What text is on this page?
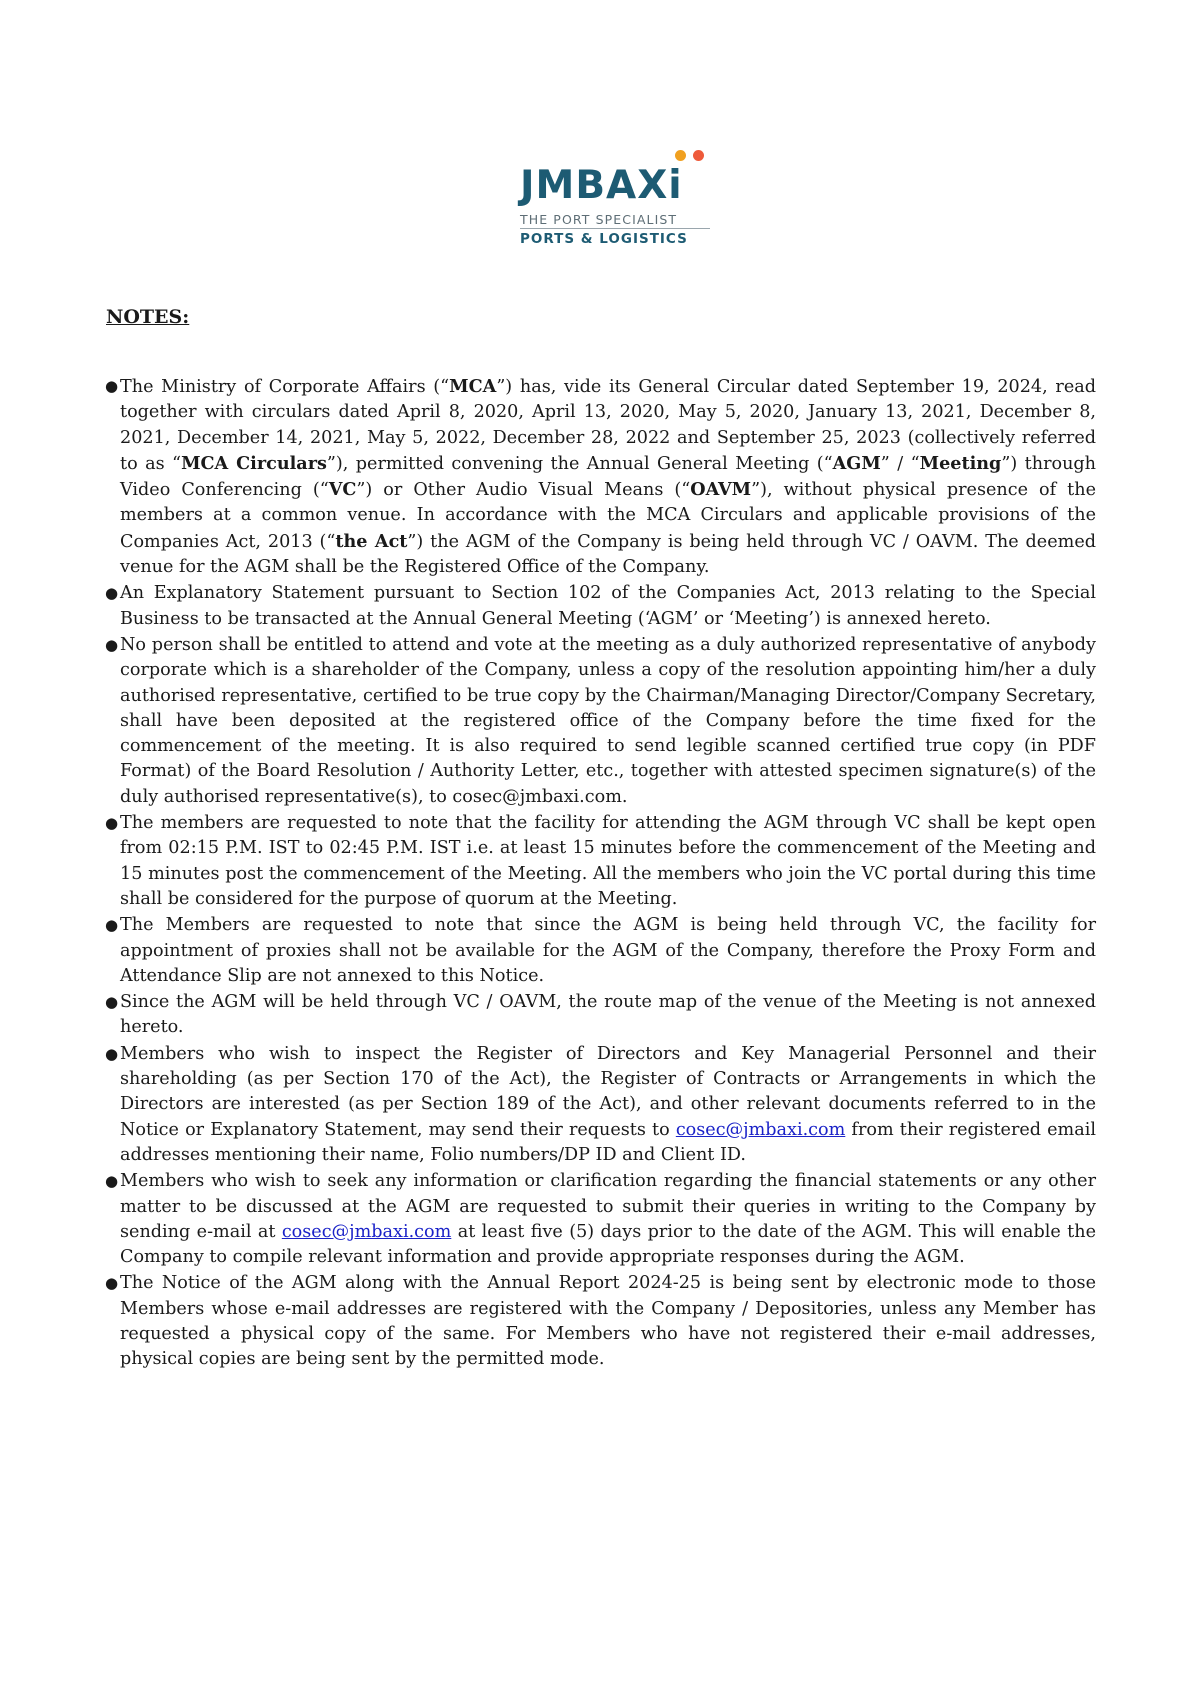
JMBAXi
THE PORT SPECIALIST
PORTS & LOGISTICS
NOTES:
● The Ministry of Corporate Affairs (“MCA”) has, vide its General Circular dated September 19, 2024, read together with circulars dated April 8, 2020, April 13, 2020, May 5, 2020, January 13, 2021, December 8, 2021, December 14, 2021, May 5, 2022, December 28, 2022 and September 25, 2023 (collectively referred to as “MCA Circulars”), permitted convening the Annual General Meeting (“AGM” / “Meeting”) through Video Conferencing (“VC”) or Other Audio Visual Means (“OAVM”), without physical presence of the members at a common venue. In accordance with the MCA Circulars and applicable provisions of the Companies Act, 2013 (“the Act”) the AGM of the Company is being held through VC / OAVM. The deemed venue for the AGM shall be the Registered Office of the Company.
● An Explanatory Statement pursuant to Section 102 of the Companies Act, 2013 relating to the Special Business to be transacted at the Annual General Meeting (‘AGM’ or ‘Meeting’) is annexed hereto.
● No person shall be entitled to attend and vote at the meeting as a duly authorized representative of anybody corporate which is a shareholder of the Company, unless a copy of the resolution appointing him/her a duly authorised representative, certified to be true copy by the Chairman/Managing Director/Company Secretary, shall have been deposited at the registered office of the Company before the time fixed for the commencement of the meeting. It is also required to send legible scanned certified true copy (in PDF Format) of the Board Resolution / Authority Letter, etc., together with attested specimen signature(s) of the duly authorised representative(s), to cosec@jmbaxi.com.
● The members are requested to note that the facility for attending the AGM through VC shall be kept open from 02:15 P.M. IST to 02:45 P.M. IST i.e. at least 15 minutes before the commencement of the Meeting and 15 minutes post the commencement of the Meeting. All the members who join the VC portal during this time shall be considered for the purpose of quorum at the Meeting.
● The Members are requested to note that since the AGM is being held through VC, the facility for appointment of proxies shall not be available for the AGM of the Company, therefore the Proxy Form and Attendance Slip are not annexed to this Notice.
● Since the AGM will be held through VC / OAVM, the route map of the venue of the Meeting is not annexed hereto.
● Members who wish to inspect the Register of Directors and Key Managerial Personnel and their shareholding (as per Section 170 of the Act), the Register of Contracts or Arrangements in which the Directors are interested (as per Section 189 of the Act), and other relevant documents referred to in the Notice or Explanatory Statement, may send their requests to cosec@jmbaxi.com from their registered email addresses mentioning their name, Folio numbers/DP ID and Client ID.
● Members who wish to seek any information or clarification regarding the financial statements or any other matter to be discussed at the AGM are requested to submit their queries in writing to the Company by sending e-mail at cosec@jmbaxi.com at least five (5) days prior to the date of the AGM. This will enable the Company to compile relevant information and provide appropriate responses during the AGM.
● The Notice of the AGM along with the Annual Report 2024-25 is being sent by electronic mode to those Members whose e-mail addresses are registered with the Company / Depositories, unless any Member has requested a physical copy of the same. For Members who have not registered their e-mail addresses, physical copies are being sent by the permitted mode.
